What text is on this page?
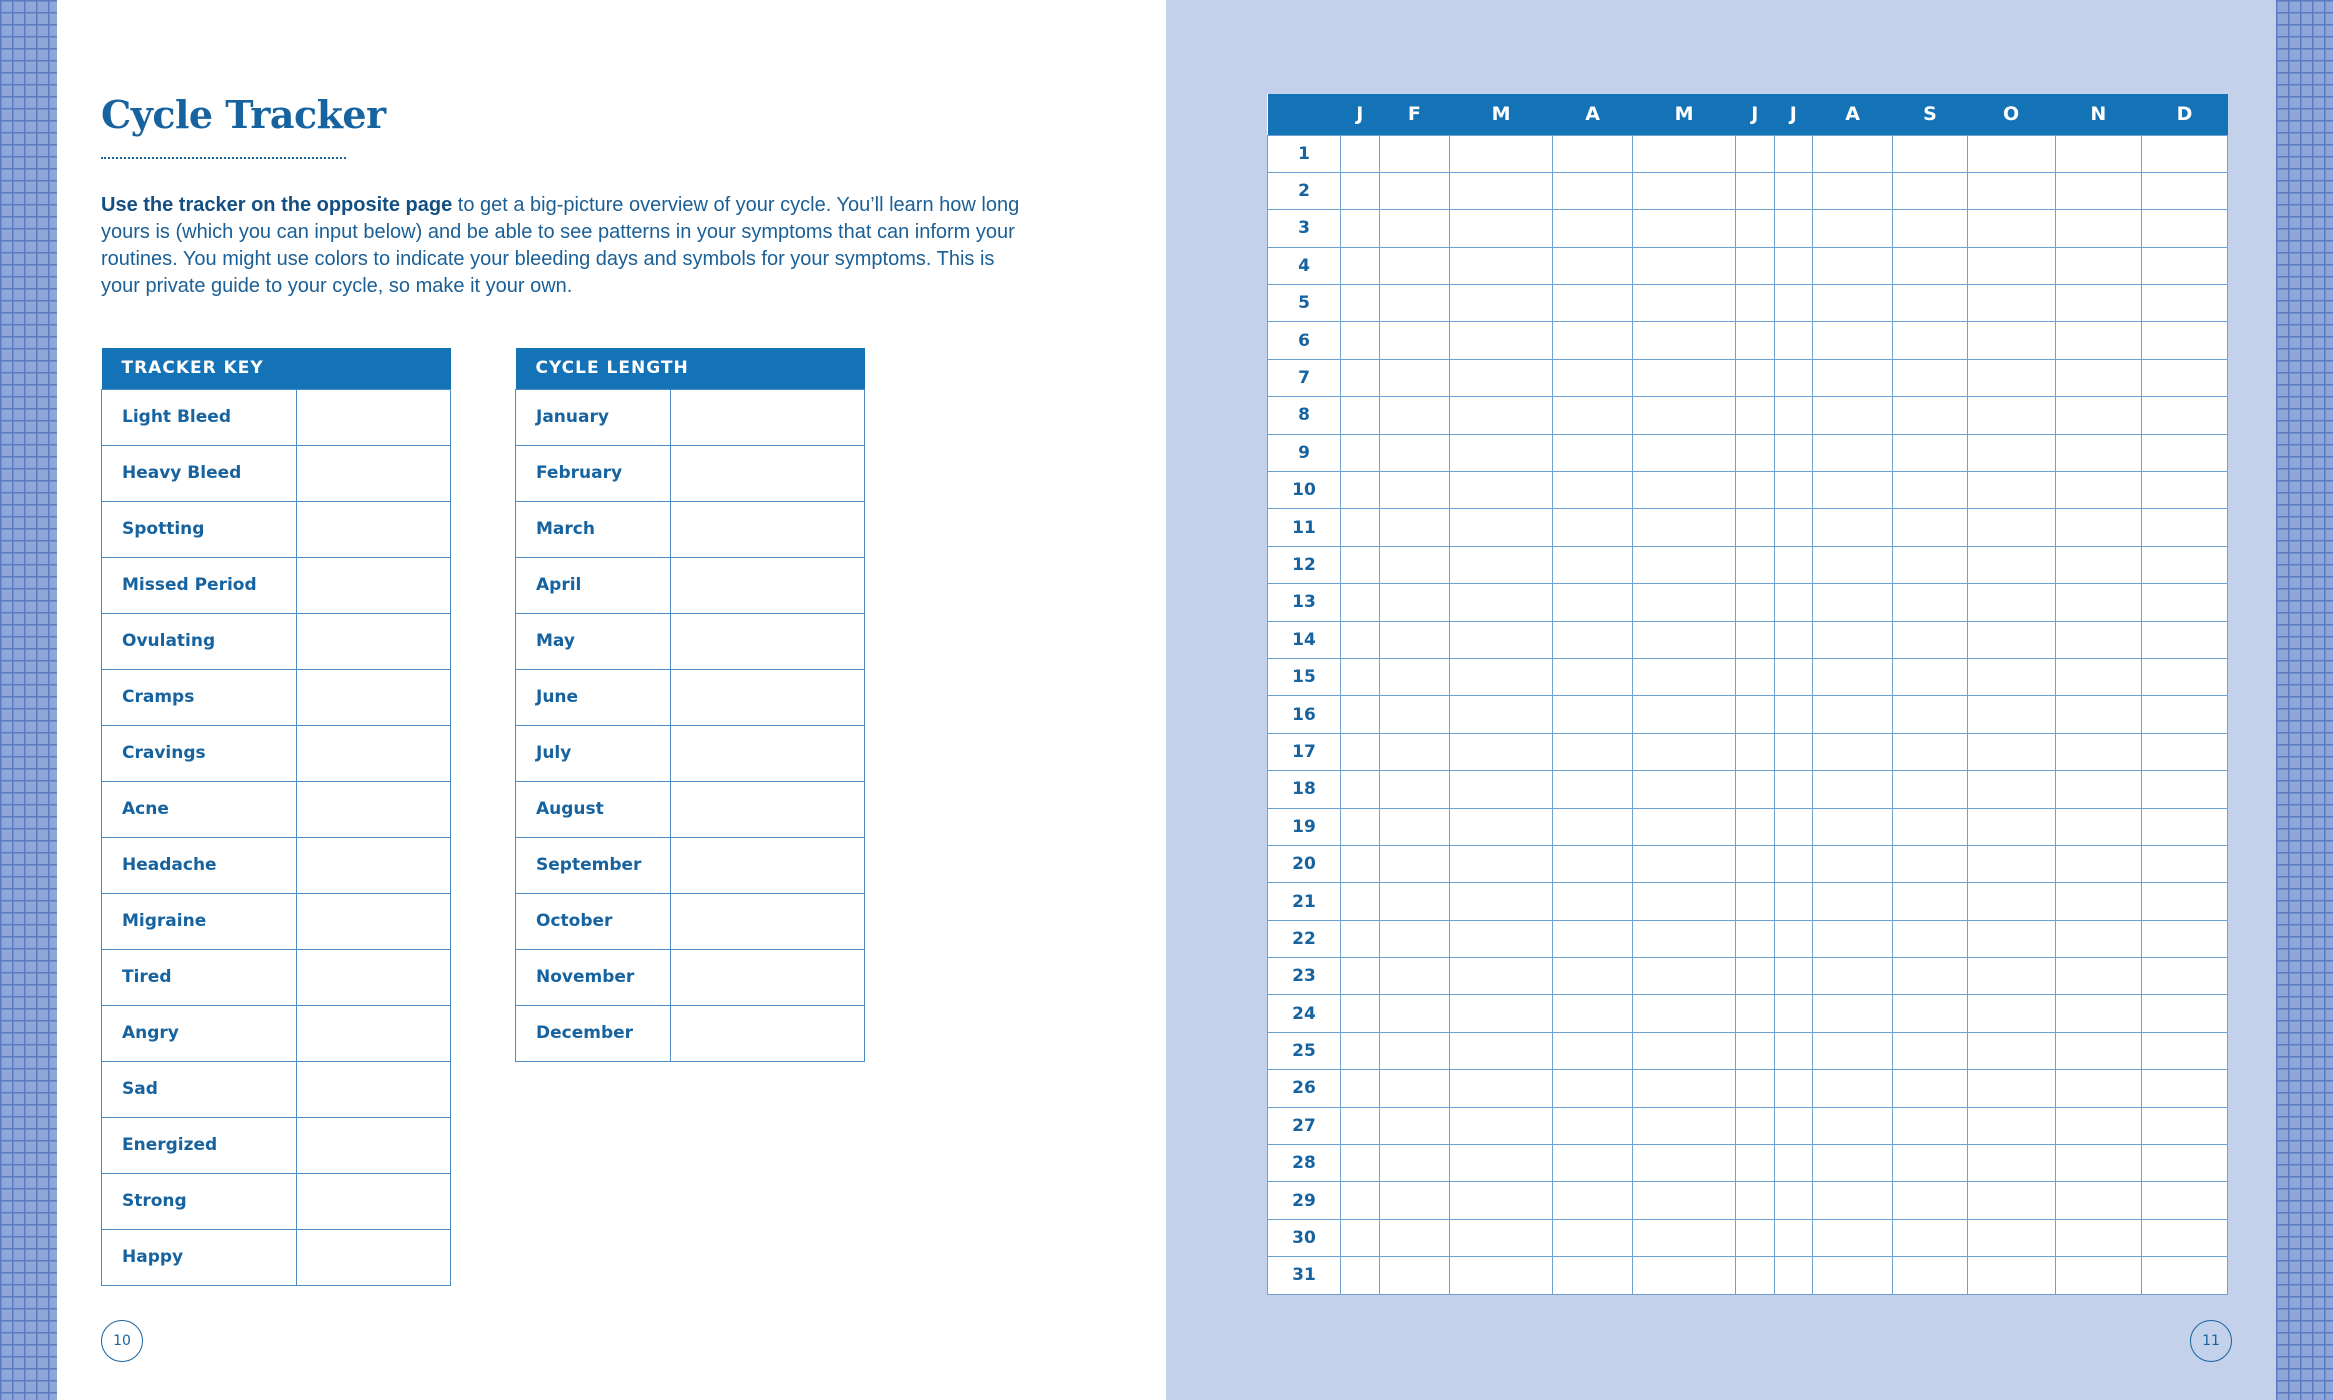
Cycle Tracker

Use the tracker on the opposite page to get a big-picture overview of your cycle. You’ll learn how long yours is (which you can input below) and be able to see patterns in your symptoms that can inform your routines. You might use colors to indicate your bleeding days and symbols for your symptoms. This is your private guide to your cycle, so make it your own.

TRACKER KEY	
Light Bleed	
Heavy Bleed	
Spotting	
Missed Period	
Ovulating	
Cramps	
Cravings	
Acne	
Headache	
Migraine	
Tired	
Angry	
Sad	
Energized	
Strong	
Happy	
CYCLE LENGTH	
January	
February	
March	
April	
May	
June	
July	
August	
September	
October	
November	
December	
10
	J	F	M	A	M	J	J	A	S	O	N	D
1												
2												
3												
4												
5												
6												
7												
8												
9												
10												
11												
12												
13												
14												
15												
16												
17												
18												
19												
20												
21												
22												
23												
24												
25												
26												
27												
28												
29												
30												
31												
11
